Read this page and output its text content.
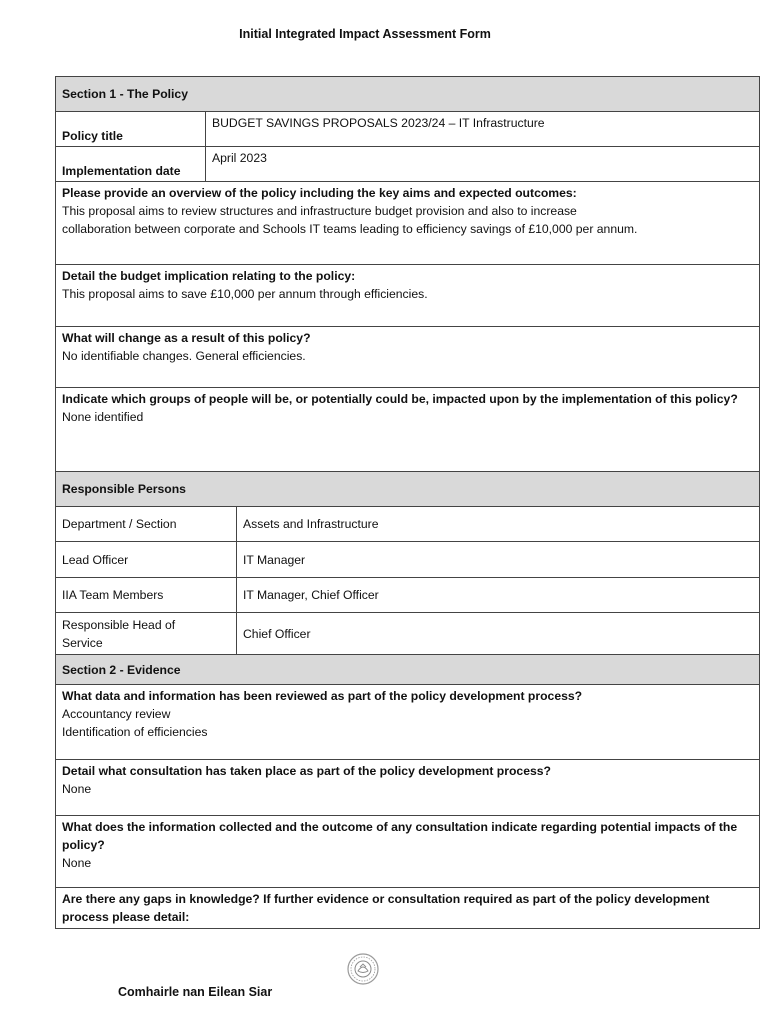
Initial Integrated Impact Assessment Form
Section 1 - The Policy		
Policy title	BUDGET SAVINGS PROPOSALS 2023/24 – IT Infrastructure	
Implementation date	April 2023	

Please provide an overview of the policy including the key aims and expected outcomes:
This proposal aims to review structures and infrastructure budget provision and also to increase
collaboration between corporate and Schools IT teams leading to efficiency savings of £10,000 per annum.		

Detail the budget implication relating to the policy:
This proposal aims to save £10,000 per annum through efficiencies.		

What will change as a result of this policy?
No identifiable changes. General efficiencies.		

Indicate which groups of people will be, or potentially could be, impacted upon by the implementation of this policy?
None identified		

Responsible Persons		
Department / Section		Assets and Infrastructure
Lead Officer		IT Manager
IIA Team Members		IT Manager, Chief Officer
Responsible Head of Service		Chief Officer
Section 2 - Evidence		

What data and information has been reviewed as part of the policy development process?
Accountancy review
Identification of efficiencies		

Detail what consultation has taken place as part of the policy development process?
None		

What does the information collected and the outcome of any consultation indicate regarding potential impacts of the policy?
None		

Are there any gaps in knowledge? If further evidence or consultation required as part of the policy development process please detail:		
Comhairle nan Eilean Siar
